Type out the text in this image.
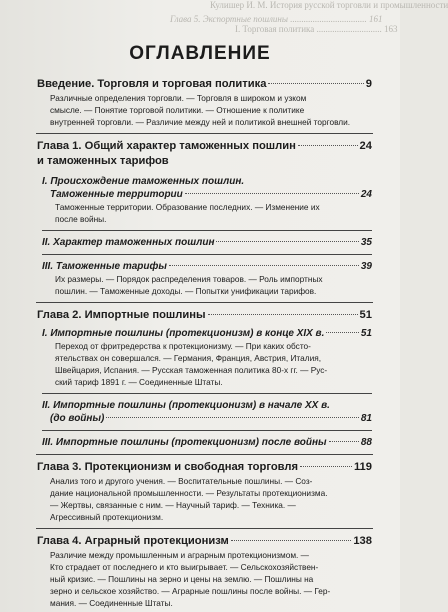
Кулишер И. М. История русской торговли и промышленности
Глава 5. Экспортные пошлины .................................. 161
I. Торговая политика ............................. 163
ОГЛАВЛЕНИЕ
Введение. Торговля и торговая политика	9
Различные определения торговли. — Торговля в широком и узком
смысле. — Понятие торговой политики. — Отношение к политике
внутренней торговли. — Различие между ней и политикой внешней торговли.
Глава 1. Общий характер таможенных пошлин	24
и таможенных тарифов
I. Происхождение таможенных пошлин.
Таможенные территории	24
Таможенные территории. Образование последних. — Изменение их
после войны.
II. Характер таможенных пошлин	35
III. Таможенные тарифы	39
Их размеры. — Порядок распределения товаров. — Роль импортных
пошлин. — Таможенные доходы. — Попытки унификации тарифов.
Глава 2. Импортные пошлины	51
I. Импортные пошлины (протекционизм) в конце XIX в.	51
Переход от фритредерства к протекционизму. — При каких обсто-
ятельствах он совершался. — Германия, Франция, Австрия, Италия,
Швейцария, Испания. — Русская таможенная политика 80-х гг. — Рус-
ский тариф 1891 г. — Соединенные Штаты.
II. Импортные пошлины (протекционизм) в начале XX в.
(до войны)	81
III. Импортные пошлины (протекционизм) после войны	88
Глава 3. Протекционизм и свободная торговля	119
Анализ того и другого учения. — Воспитательные пошлины. — Соз-
дание национальной промышленности. — Результаты протекционизма.
— Жертвы, связанные с ним. — Научный тариф. — Техника. —
Агрессивный протекционизм.
Глава 4. Аграрный протекционизм	138
Различие между промышленным и аграрным протекционизмом. —
Кто страдает от последнего и кто выигрывает. — Сельскохозяйствен-
ный кризис. — Пошлины на зерно и цены на землю. — Пошлины на
зерно и сельское хозяйство. — Аграрные пошлины после войны. — Гер-
мания. — Соединенные Штаты.
